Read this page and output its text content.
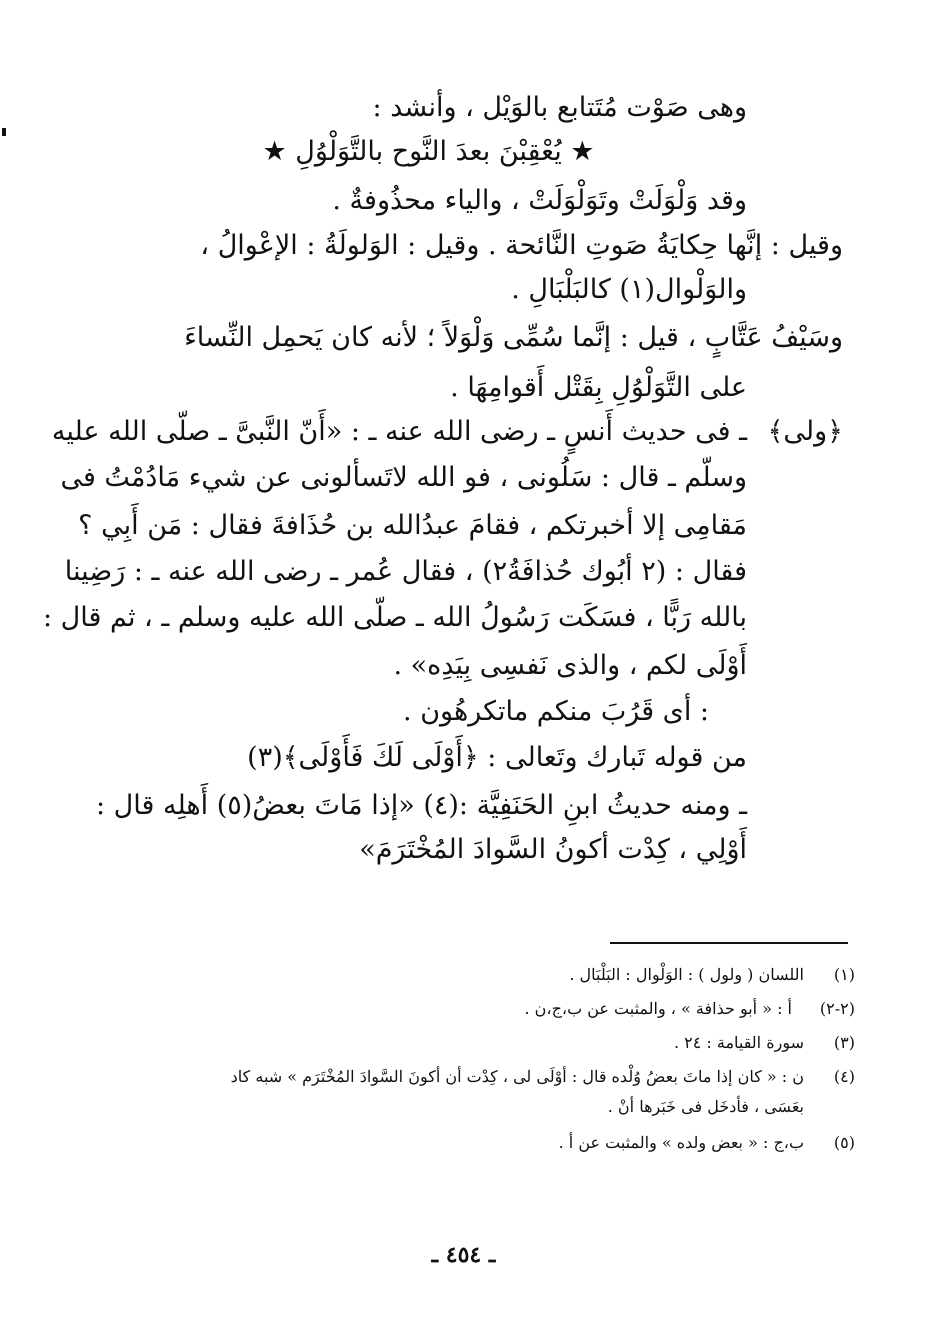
وهى صَوْت مُتَتابع بالوَيْل ، وأنشد :
★ يُعْقِبْنَ بعدَ النَّوح بالتَّوَلْوُلِ ★
وقد وَلْوَلَتْ وتَوَلْوَلَتْ ، والياء محذُوفةٌ .
وقيل : إنَّها حِكايَةُ صَوتِ النَّائحة . وقيل : الوَلولَةُ : الإعْوالُ ،
والوَلْوال(١) كالبَلْبَالِ .
وسَيْفُ عَتَّابٍ ، قيل : إنَّما سُمِّى وَلْوَلاً ؛ لأنه كان يَحمِل النِّساءَ
على التَّوَلْوُلِ بِقَتْل أَقوامِهَا .
﴿ولى﴾
ـ فى حديث أَنسٍ ـ رضى الله عنه ـ : «أَنّ النَّبىَّ ـ صلّى الله عليه
وسلّم ـ قال : سَلُونى ، فو الله لاتَسألونى عن شيء مَادُمْتُ فى
مَقامِى إلا أخبرتكم ، فقامَ عبدُالله بن حُذَافةَ فقال : مَن أَبِي ؟
فقال : (٢ أبُوك حُذافَةُ٢) ، فقال عُمر ـ رضى الله عنه ـ : رَضِينا
بالله رَبًّا ، فسَكَت رَسُولُ الله ـ صلّى الله عليه وسلم ـ ، ثم قال :
أَوْلَى لكم ، والذى نَفسِى بِيَدِه» .
: أى قَرُبَ منكم ماتكرهُون .
من قوله تَبارك وتَعالى : ﴿أَوْلَى لَكَ فَأَوْلَى﴾(٣)
ـ ومنه حديثُ ابنِ الحَنَفِيَّة :(٤) «إذا مَاتَ بعضُ(٥) أَهلِه قال :
أَوْلِي ، كِدْت أكونُ السَّوادَ المُخْتَرَمَ»
(١)
اللسان ( ولول ) : الوَلْوال : البَلْبَال .
(٢-٢)
أ : « أبو حذافة » ، والمثبت عن ب،ج،ن .
(٣)
سورة القيامة : ٢٤ .
(٤)
ن : « كان إذا ماتَ بعضُ وُلْده قال : أوْلَى لى ، كِدْت أن أكونَ السَّوادَ المُخْتَرَم » شبه كاد
بعَسَى ، فأدخَل فى خَبَرها أنْ .
(٥)
ب،ج : « بعض ولده » والمثبت عن أ .
ـ ٤٥٤ ـ
